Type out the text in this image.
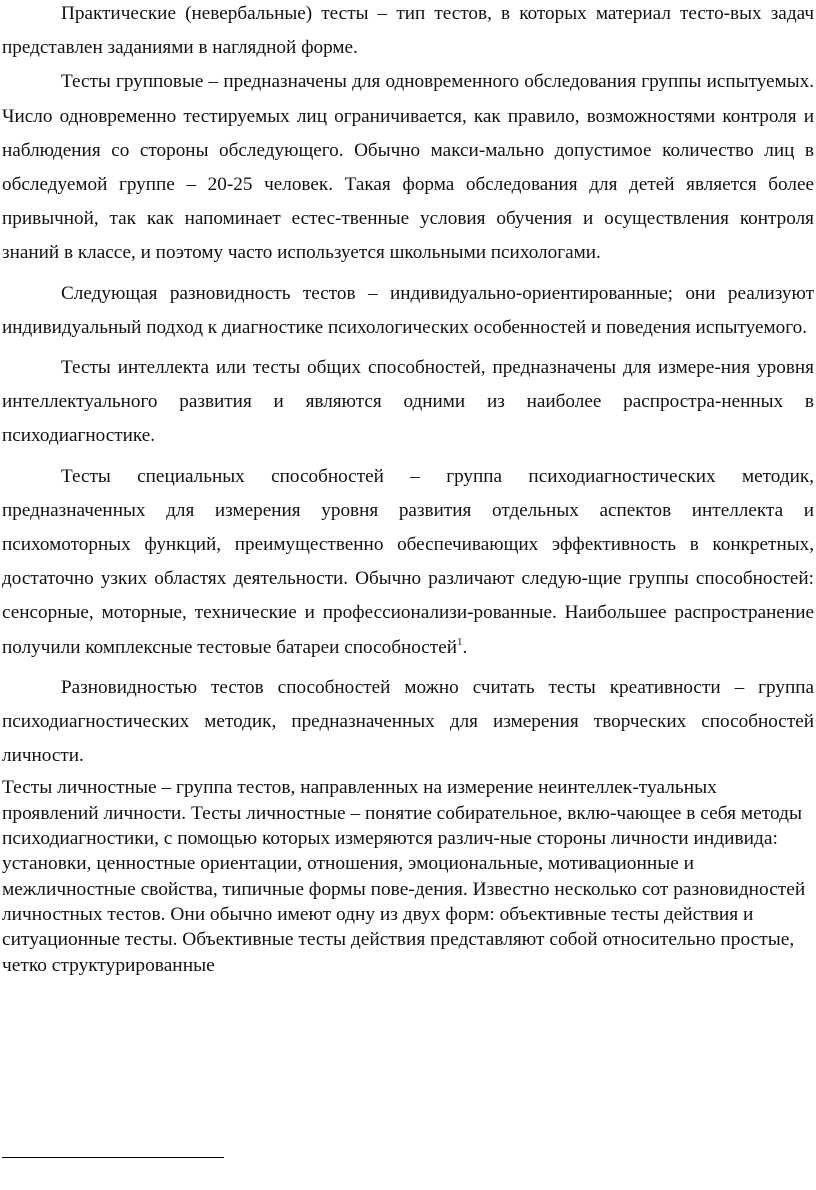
Практические (невербальные) тесты – тип тестов, в которых материал тесто-вых задач представлен заданиями в наглядной форме.

Тесты групповые – предназначены для одновременного обследования группы испытуемых. Число одновременно тестируемых лиц ограничивается, как правило, возможностями контроля и наблюдения со стороны обследующего. Обычно макси-мально допустимое количество лиц в обследуемой группе – 20-25 человек. Такая форма обследования для детей является более привычной, так как напоминает естес-твенные условия обучения и осуществления контроля знаний в классе, и поэтому часто используется школьными психологами.

Следующая разновидность тестов – индивидуально-ориентированные; они реализуют индивидуальный подход к диагностике психологических особенностей и поведения испытуемого.

Тесты интеллекта или тесты общих способностей, предназначены для измере-ния уровня интеллектуального развития и являются одними из наиболее распростра-ненных в психодиагностике.

Тесты специальных способностей – группа психодиагностических методик, предназначенных для измерения уровня развития отдельных аспектов интеллекта и психомоторных функций, преимущественно обеспечивающих эффективность в конкретных, достаточно узких областях деятельности. Обычно различают следую-щие группы способностей: сенсорные, моторные, технические и профессионализи-рованные. Наибольшее распространение получили комплексные тестовые батареи способностей$^1$.

Разновидностью тестов способностей можно считать тесты креативности – группа психодиагностических методик, предназначенных для измерения творческих способностей личности.

Тесты личностные – группа тестов, направленных на измерение неинтеллек-туальных проявлений личности. Тесты личностные – понятие собирательное, вклю-чающее в себя методы психодиагностики, с помощью которых измеряются различ-ные стороны личности индивида: установки, ценностные ориентации, отношения, эмоциональные, мотивационные и межличностные свойства, типичные формы пове-дения. Известно несколько сот разновидностей личностных тестов. Они обычно имеют одну из двух форм: объективные тесты действия и ситуационные тесты. Объективные тесты действия представляют собой относительно простые, четко структурированные
